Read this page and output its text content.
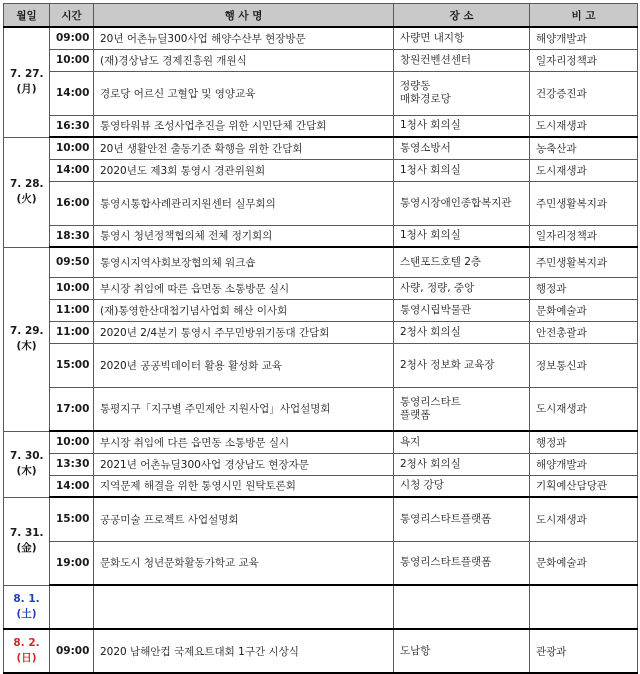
월일	시간	행 사 명	장 소	비 고

7. 27.
(月)	09:00	20년 어촌뉴딜300사업 해양수산부 현장방문	사량면 내지항	해양개발과
	10:00	(재)경상남도 경제진흥원 개원식	창원컨벤션센터	일자리정책과
	14:00	경로당 어르신 고혈압 및 영양교육	정량동
매화경로당	건강증진과
	16:30	통영타워뷰 조성사업추진을 위한 시민단체 간담회	1청사 회의실	도시재생과

7. 28.
(火)	10:00	20년 생활안전 출동기준 확행을 위한 간담회	통영소방서	농축산과
	14:00	2020년도 제3회 통영시 경관위원회	1청사 회의실	도시재생과
	16:00	통영시통합사례관리지원센터 실무회의	통영시장애인종합복지관	주민생활복지과
	18:30	통영시 청년정책협의체 전체 정기회의	1청사 회의실	일자리정책과

7. 29.
(木)	09:50	통영시지역사회보장협의체 워크숍	스탠포드호텔 2층	주민생활복지과
	10:00	부시장 취임에 따른 읍면동 소통방문 실시	사량, 정량, 중앙	행정과
	11:00	(재)통영한산대첩기념사업회 해산 이사회	통영시립박물관	문화예술과
	11:00	2020년 2/4분기 통영시 주무민방위기동대 간담회	2청사 회의실	안전총괄과
	15:00	2020년 공공빅데이터 활용 활성화 교육	2청사 정보화 교육장	정보통신과
	17:00	통평지구「지구별 주민제안 지원사업」사업설명회	통영리스타트
플랫폼	도시재생과

7. 30.
(木)	10:00	부시장 취임에 다른 읍면동 소통방문 실시	욕지	행정과
	13:30	2021년 어촌뉴딜300사업 경상남도 현장자문	2청사 회의실	해양개발과
	14:00	지역문제 해결을 위한 통영시민 원탁토론회	시청 강당	기획예산담당관

7. 31.
(金)	15:00	공공미술 프로젝트 사업설명회	통영리스타트플랫폼	도시재생과
	19:00	문화도시 청년문화활동가학교 교육	통영리스타트플랫폼	문화예술과

8. 1.
(土)				

8. 2.
(日)	09:00	2020 남해안컵 국제요트대회 1구간 시상식	도남항	관광과
